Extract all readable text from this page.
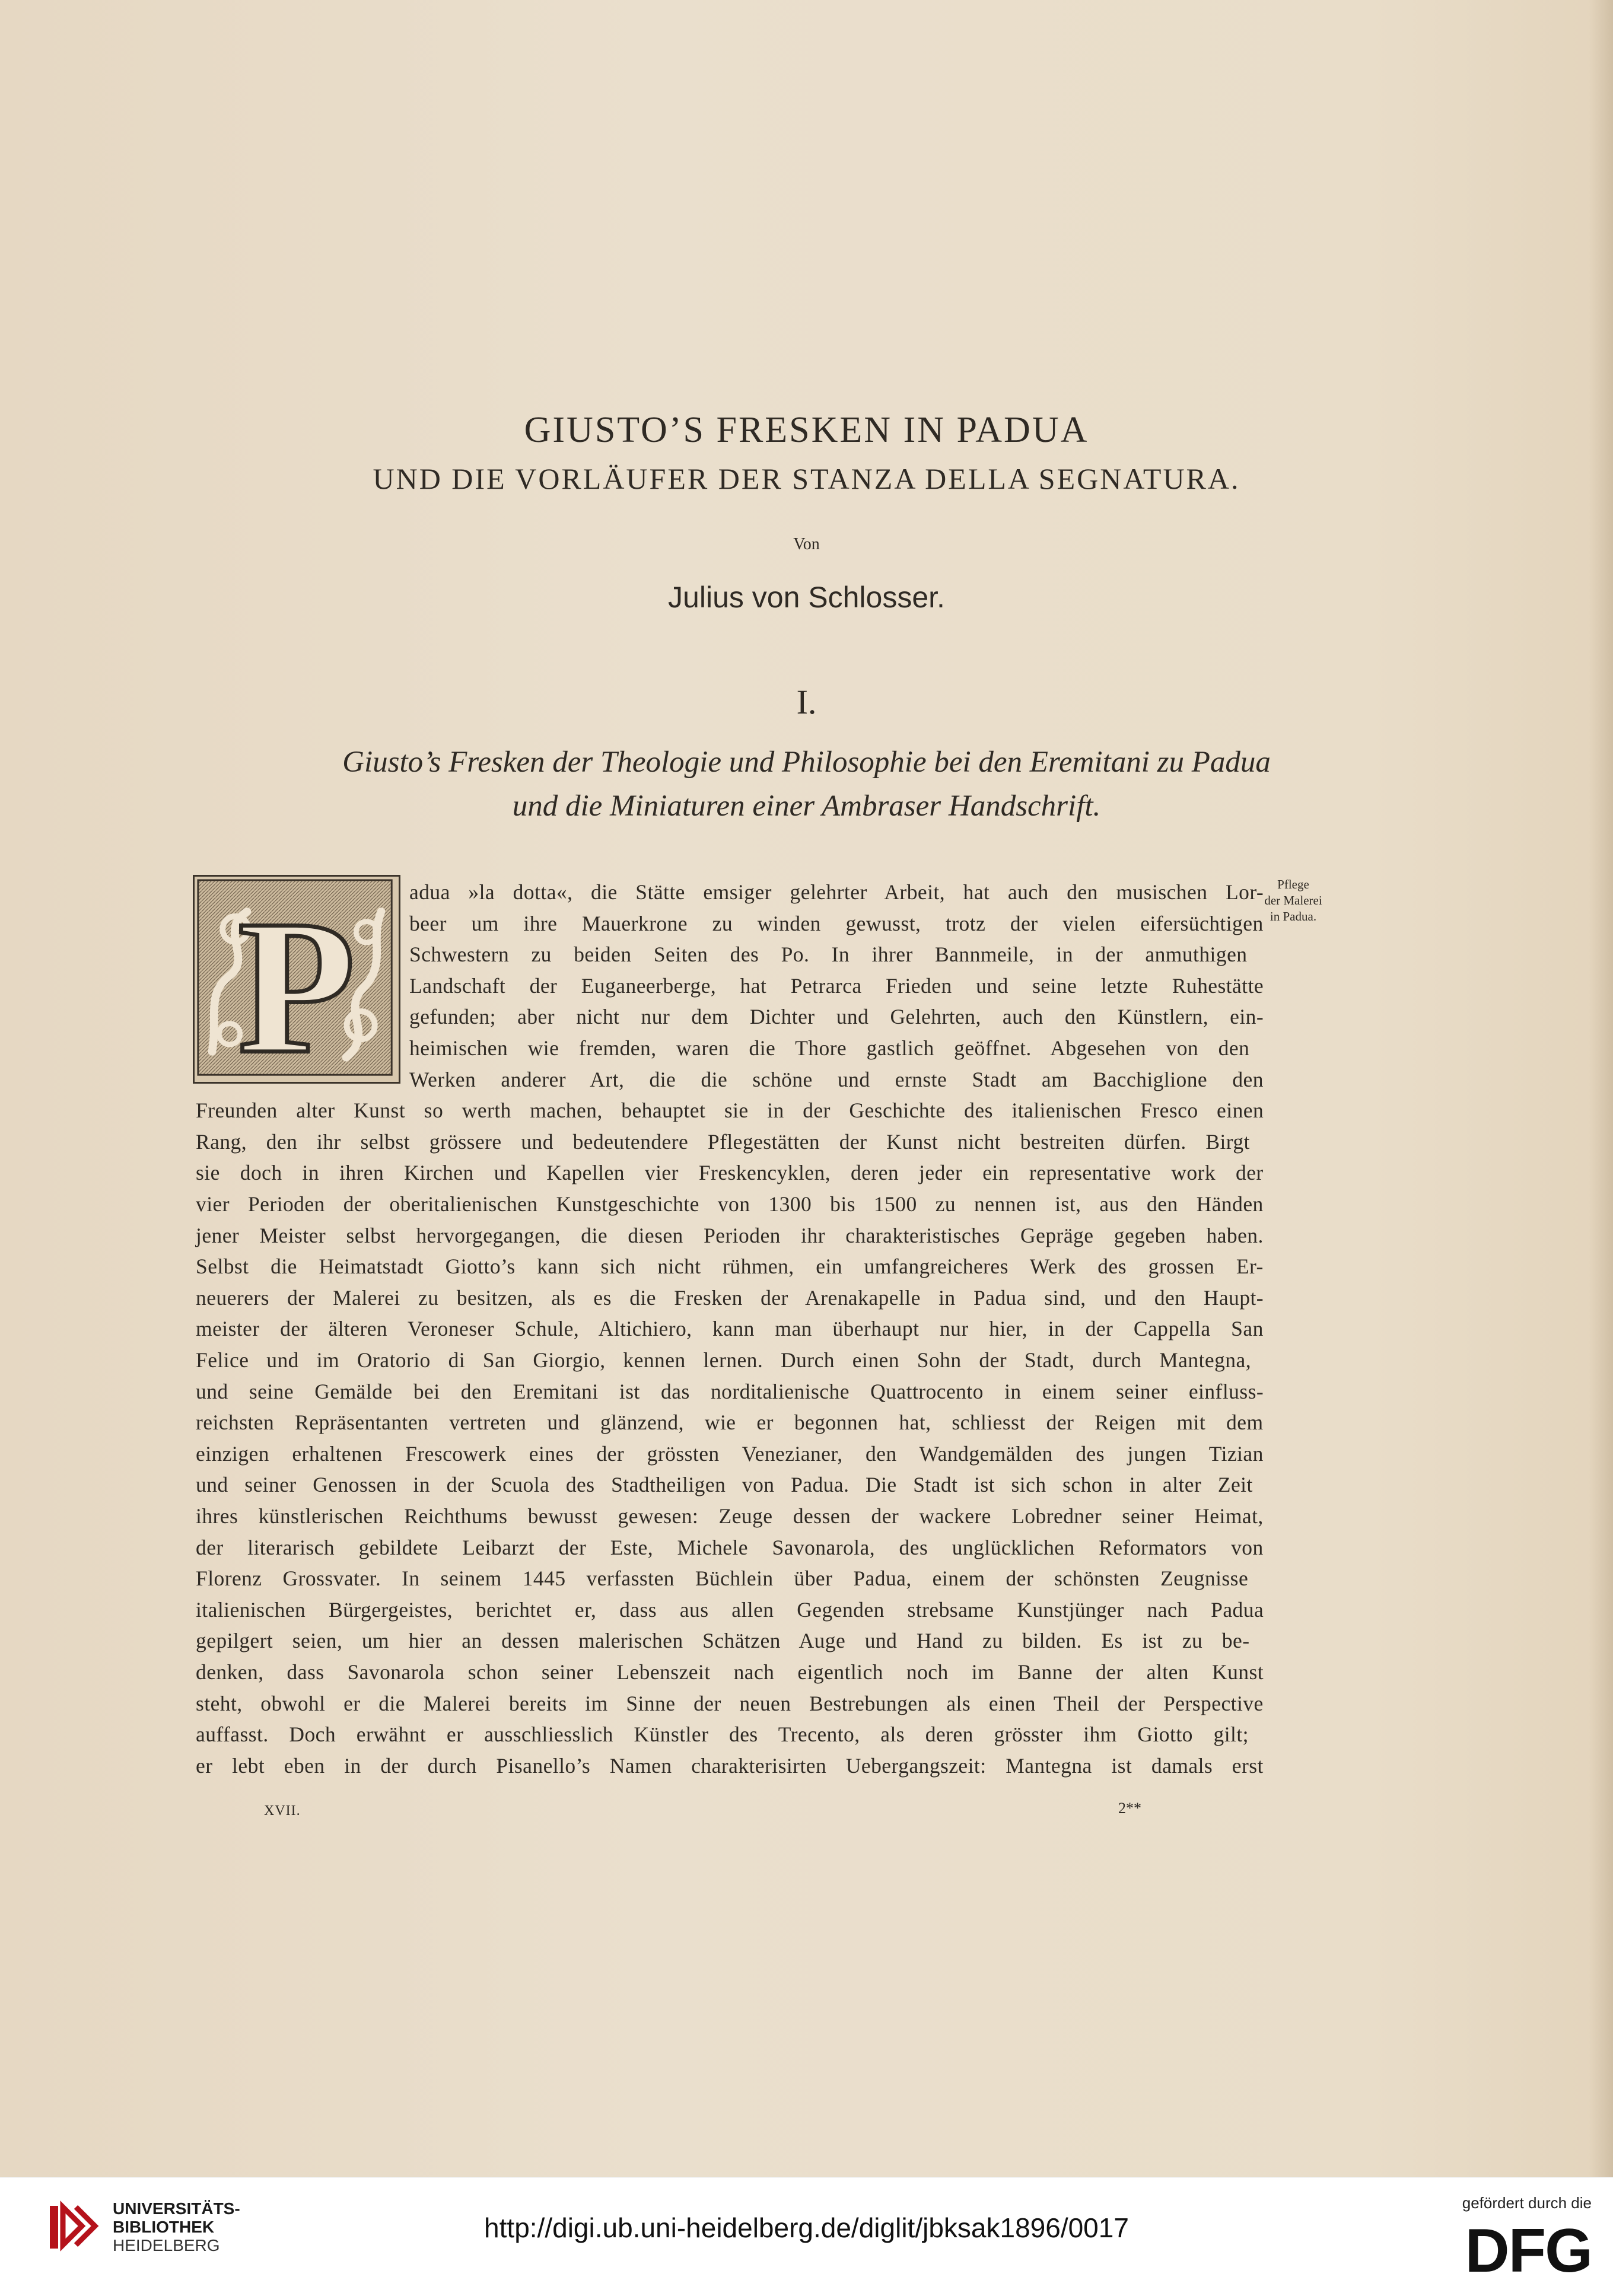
GIUSTO’S FRESKEN IN PADUA
UND DIE VORLÄUFER DER STANZA DELLA SEGNATURA.
Von
Julius von Schlosser.
I.
Giusto’s Fresken der Theologie und Philosophie bei den Eremitani zu Padua
und die Miniaturen einer Ambraser Handschrift.
P	Pflege
der Malerei
in Padua.
XVII.	2**
adua »la dotta«, die Stätte emsiger gelehrter Arbeit, hat auch den musischen Lor-
beer um ihre Mauerkrone zu winden gewusst, trotz der vielen eifersüchtigen
Schwestern zu beiden Seiten des Po. In ihrer Bannmeile, in der anmuthigen
Landschaft der Euganeerberge, hat Petrarca Frieden und seine letzte Ruhestätte
gefunden; aber nicht nur dem Dichter und Gelehrten, auch den Künstlern, ein-
heimischen wie fremden, waren die Thore gastlich geöffnet. Abgesehen von den
Werken anderer Art, die die schöne und ernste Stadt am Bacchiglione den
Freunden alter Kunst so werth machen, behauptet sie in der Geschichte des italienischen Fresco einen
Rang, den ihr selbst grössere und bedeutendere Pflegestätten der Kunst nicht bestreiten dürfen. Birgt
sie doch in ihren Kirchen und Kapellen vier Freskencyklen, deren jeder ein representative work der
vier Perioden der oberitalienischen Kunstgeschichte von 1300 bis 1500 zu nennen ist, aus den Händen
jener Meister selbst hervorgegangen, die diesen Perioden ihr charakteristisches Gepräge gegeben haben.
Selbst die Heimatstadt Giotto’s kann sich nicht rühmen, ein umfangreicheres Werk des grossen Er-
neuerers der Malerei zu besitzen, als es die Fresken der Arenakapelle in Padua sind, und den Haupt-
meister der älteren Veroneser Schule, Altichiero, kann man überhaupt nur hier, in der Cappella San
Felice und im Oratorio di San Giorgio, kennen lernen. Durch einen Sohn der Stadt, durch Mantegna,
und seine Gemälde bei den Eremitani ist das norditalienische Quattrocento in einem seiner einfluss-
reichsten Repräsentanten vertreten und glänzend, wie er begonnen hat, schliesst der Reigen mit dem
einzigen erhaltenen Frescowerk eines der grössten Venezianer, den Wandgemälden des jungen Tizian
und seiner Genossen in der Scuola des Stadtheiligen von Padua. Die Stadt ist sich schon in alter Zeit
ihres künstlerischen Reichthums bewusst gewesen: Zeuge dessen der wackere Lobredner seiner Heimat,
der literarisch gebildete Leibarzt der Este, Michele Savonarola, des unglücklichen Reformators von
Florenz Grossvater. In seinem 1445 verfassten Büchlein über Padua, einem der schönsten Zeugnisse
italienischen Bürgergeistes, berichtet er, dass aus allen Gegenden strebsame Kunstjünger nach Padua
gepilgert seien, um hier an dessen malerischen Schätzen Auge und Hand zu bilden. Es ist zu be-
denken, dass Savonarola schon seiner Lebenszeit nach eigentlich noch im Banne der alten Kunst
steht, obwohl er die Malerei bereits im Sinne der neuen Bestrebungen als einen Theil der Perspective
auffasst. Doch erwähnt er ausschliesslich Künstler des Trecento, als deren grösster ihm Giotto gilt;
er lebt eben in der durch Pisanello’s Namen charakterisirten Uebergangszeit: Mantegna ist damals erst
UNIVERSITÄTS-
BIBLIOTHEK
HEIDELBERG
http://digi.ub.uni-heidelberg.de/diglit/jbksak1896/0017
gefördert durch die
DFG
